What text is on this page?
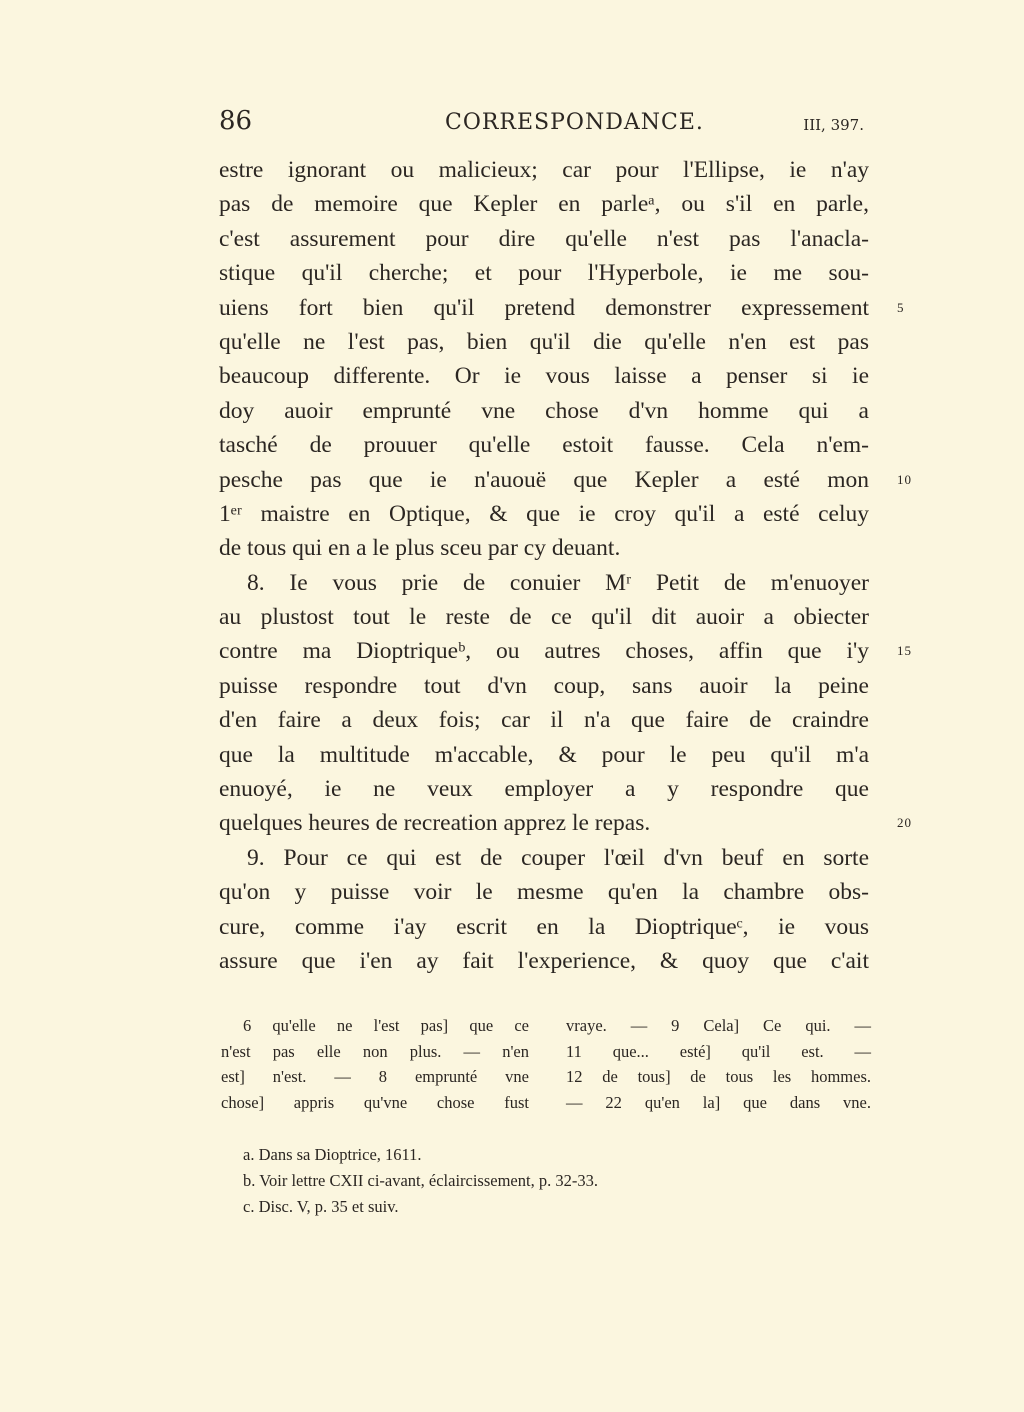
86	CORRESPONDANCE.	III, 397.
estre ignorant ou malicieux; car pour l'Ellipse, ie n'ay
pas de memoire que Kepler en parleᵃ, ou s'il en parle,
c'est assurement pour dire qu'elle n'est pas l'anacla-
stique qu'il cherche; et pour l'Hyperbole, ie me sou-
uiens fort bien qu'il pretend demonstrer expressement 5
qu'elle ne l'est pas, bien qu'il die qu'elle n'en est pas
beaucoup differente. Or ie vous laisse a penser si ie
doy auoir emprunté vne chose d'vn homme qui a
tasché de prouuer qu'elle estoit fausse. Cela n'em-
pesche pas que ie n'auouë que Kepler a esté mon 10
1ᵉʳ maistre en Optique, & que ie croy qu'il a esté celuy
de tous qui en a le plus sceu par cy deuant.
8. Ie vous prie de conuier Mʳ Petit de m'enuoyer
au plustost tout le reste de ce qu'il dit auoir a obiecter
contre ma Dioptriqueᵇ, ou autres choses, affin que i'y 15
puisse respondre tout d'vn coup, sans auoir la peine
d'en faire a deux fois; car il n'a que faire de craindre
que la multitude m'accable, & pour le peu qu'il m'a
enuoyé, ie ne veux employer a y respondre que
quelques heures de recreation apprez le repas.	20
9. Pour ce qui est de couper l'œil d'vn beuf en sorte
qu'on y puisse voir le mesme qu'en la chambre obs-
cure, comme i'ay escrit en la Dioptriqueᶜ, ie vous
assure que i'en ay fait l'experience, & quoy que c'ait
6 qu'elle ne l'est pas] que ce
n'est pas elle non plus. — n'en
est] n'est. — 8 emprunté vne
chose] appris qu'vne chose fust
vraye. — 9 Cela] Ce qui. —
11 que... esté] qu'il est. —
12 de tous] de tous les hommes.
— 22 qu'en la] que dans vne.
a. Dans sa Dioptrice, 1611.
b. Voir lettre CXII ci-avant, éclaircissement, p. 32-33.
c. Disc. V, p. 35 et suiv.
